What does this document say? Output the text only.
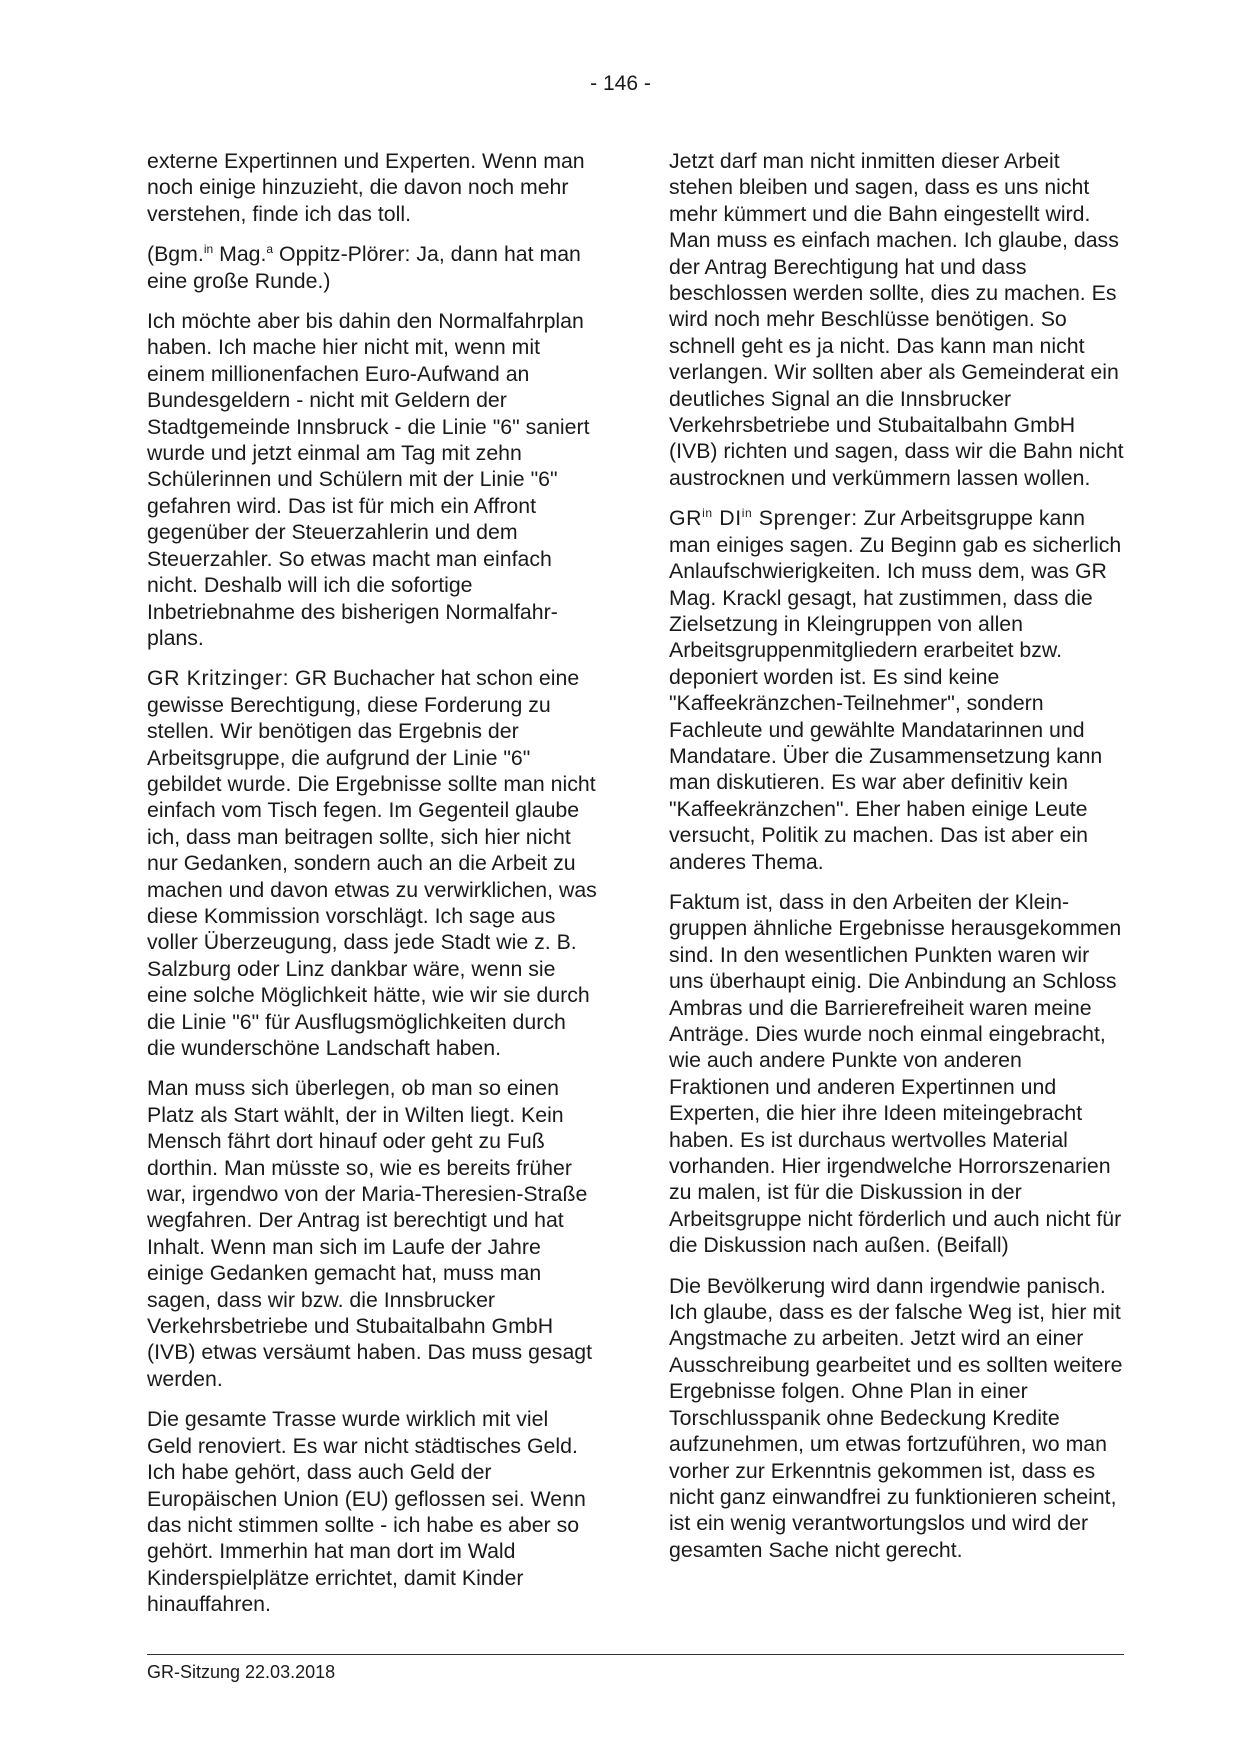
- 146 -

externe Expertinnen und Experten. Wenn man noch einige hinzuzieht, die davon noch mehr verstehen, finde ich das toll.

(Bgm.$^{in}$ Mag.$^a$ Oppitz-Plörer: Ja, dann hat man eine große Runde.)

Ich möchte aber bis dahin den Normalfahrplan haben. Ich mache hier nicht mit, wenn mit einem millionenfachen Euro-Aufwand an Bundesgeldern - nicht mit Geldern der Stadtgemeinde Innsbruck - die Linie "6" saniert wurde und jetzt einmal am Tag mit zehn Schülerinnen und Schülern mit der Linie "6" gefahren wird. Das ist für mich ein Affront gegenüber der Steuerzahlerin und dem Steuerzahler. So etwas macht man einfach nicht. Deshalb will ich die sofortige Inbetriebnahme des bisherigen Normalfahrplans.

GR Kritzinger: GR Buchacher hat schon eine gewisse Berechtigung, diese Forderung zu stellen. Wir benötigen das Ergebnis der Arbeitsgruppe, die aufgrund der Linie "6" gebildet wurde. Die Ergebnisse sollte man nicht einfach vom Tisch fegen. Im Gegenteil glaube ich, dass man beitragen sollte, sich hier nicht nur Gedanken, sondern auch an die Arbeit zu machen und davon etwas zu verwirklichen, was diese Kommission vorschlägt. Ich sage aus voller Überzeugung, dass jede Stadt wie z. B. Salzburg oder Linz dankbar wäre, wenn sie eine solche Möglichkeit hätte, wie wir sie durch die Linie "6" für Ausflugsmöglichkeiten durch die wunderschöne Landschaft haben.

Man muss sich überlegen, ob man so einen Platz als Start wählt, der in Wilten liegt. Kein Mensch fährt dort hinauf oder geht zu Fuß dorthin. Man müsste so, wie es bereits früher war, irgendwo von der Maria-Theresien-Straße wegfahren. Der Antrag ist berechtigt und hat Inhalt. Wenn man sich im Laufe der Jahre einige Gedanken gemacht hat, muss man sagen, dass wir bzw. die Innsbrucker Verkehrsbetriebe und Stubaitalbahn GmbH (IVB) etwas versäumt haben. Das muss gesagt werden.

Die gesamte Trasse wurde wirklich mit viel Geld renoviert. Es war nicht städtisches Geld. Ich habe gehört, dass auch Geld der Europäischen Union (EU) geflossen sei. Wenn das nicht stimmen sollte - ich habe es aber so gehört. Immerhin hat man dort im Wald Kinderspielplätze errichtet, damit Kinder hinauffahren.

Jetzt darf man nicht inmitten dieser Arbeit stehen bleiben und sagen, dass es uns nicht mehr kümmert und die Bahn eingestellt wird. Man muss es einfach machen. Ich glaube, dass der Antrag Berechtigung hat und dass beschlossen werden sollte, dies zu machen. Es wird noch mehr Beschlüsse benötigen. So schnell geht es ja nicht. Das kann man nicht verlangen. Wir sollten aber als Gemeinderat ein deutliches Signal an die Innsbrucker Verkehrsbetriebe und Stubaitalbahn GmbH (IVB) richten und sagen, dass wir die Bahn nicht austrocknen und verkümmern lassen wollen.

$GR^{in}$ $DI^{in}$ Sprenger: Zur Arbeitsgruppe kann man einiges sagen. Zu Beginn gab es sicherlich Anlaufschwierigkeiten. Ich muss dem, was GR Mag. Krackl gesagt, hat zustimmen, dass die Zielsetzung in Kleingruppen von allen Arbeitsgruppenmitgliedern erarbeitet bzw. deponiert worden ist. Es sind keine "Kaffeekränzchen-Teilnehmer", sondern Fachleute und gewählte Mandatarinnen und Mandatare. Über die Zusammensetzung kann man diskutieren. Es war aber definitiv kein "Kaffeekränzchen". Eher haben einige Leute versucht, Politik zu machen. Das ist aber ein anderes Thema.

Faktum ist, dass in den Arbeiten der Kleingruppen ähnliche Ergebnisse herausgekommen sind. In den wesentlichen Punkten waren wir uns überhaupt einig. Die Anbindung an Schloss Ambras und die Barrierefreiheit waren meine Anträge. Dies wurde noch einmal eingebracht, wie auch andere Punkte von anderen Fraktionen und anderen Expertinnen und Experten, die hier ihre Ideen miteingebracht haben. Es ist durchaus wertvolles Material vorhanden. Hier irgendwelche Horrorszenarien zu malen, ist für die Diskussion in der Arbeitsgruppe nicht förderlich und auch nicht für die Diskussion nach außen. (Beifall)

Die Bevölkerung wird dann irgendwie panisch. Ich glaube, dass es der falsche Weg ist, hier mit Angstmache zu arbeiten. Jetzt wird an einer Ausschreibung gearbeitet und es sollten weitere Ergebnisse folgen. Ohne Plan in einer Torschlusspanik ohne Bedeckung Kredite aufzunehmen, um etwas fortzuführen, wo man vorher zur Erkenntnis gekommen ist, dass es nicht ganz einwandfrei zu funktionieren scheint, ist ein wenig verantwortungslos und wird der gesamten Sache nicht gerecht.

GR-Sitzung 22.03.2018
